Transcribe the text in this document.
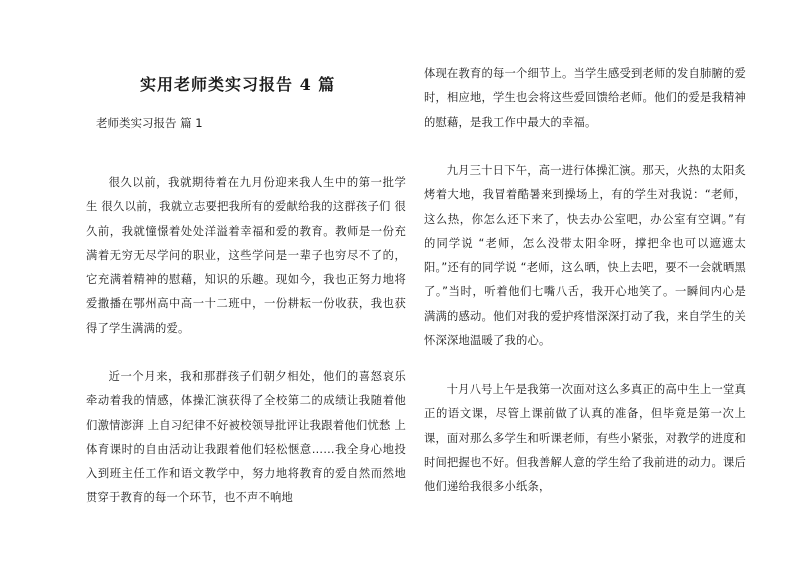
实用老师类实习报告 4 篇
老师类实习报告 篇 1

很久以前，我就期待着在九月份迎来我人生中的第一批学生 很久以前，我就立志要把我所有的爱献给我的这群孩子们 很久前，我就憧憬着处处洋溢着幸福和爱的教育。教师是一份充满着无穷无尽学问的职业，这些学问是一辈子也穷尽不了的，它充满着精神的慰藉，知识的乐趣。现如今，我也正努力地将爱撒播在鄂州高中高一十二班中，一份耕耘一份收获，我也获得了学生满满的爱。

近一个月来，我和那群孩子们朝夕相处，他们的喜怒哀乐牵动着我的情感，体操汇演获得了全校第二的成绩让我随着他们激情澎湃 上自习纪律不好被校领导批评让我跟着他们忧愁 上体育课时的自由活动让我跟着他们轻松惬意……我全身心地投入到班主任工作和语文教学中，努力地将教育的爱自然而然地贯穿于教育的每一个环节，也不声不响地

体现在教育的每一个细节上。当学生感受到老师的发自肺腑的爱时，相应地，学生也会将这些爱回馈给老师。他们的爱是我精神的慰藉，是我工作中最大的幸福。

九月三十日下午，高一进行体操汇演。那天，火热的太阳炙烤着大地，我冒着酷暑来到操场上，有的学生对我说：“老师，这么热，你怎么还下来了，快去办公室吧，办公室有空调。”有的同学说 “老师，怎么没带太阳伞呀，撑把伞也可以遮遮太阳。”还有的同学说 “老师，这么晒，快上去吧，要不一会就晒黑了。”当时，听着他们七嘴八舌，我开心地笑了。一瞬间内心是满满的感动。他们对我的爱护疼惜深深打动了我，来自学生的关怀深深地温暖了我的心。

十月八号上午是我第一次面对这么多真正的高中生上一堂真正的语文课，尽管上课前做了认真的准备，但毕竟是第一次上课，面对那么多学生和听课老师，有些小紧张，对教学的进度和时间把握也不好。但我善解人意的学生给了我前进的动力。课后他们递给我很多小纸条，
